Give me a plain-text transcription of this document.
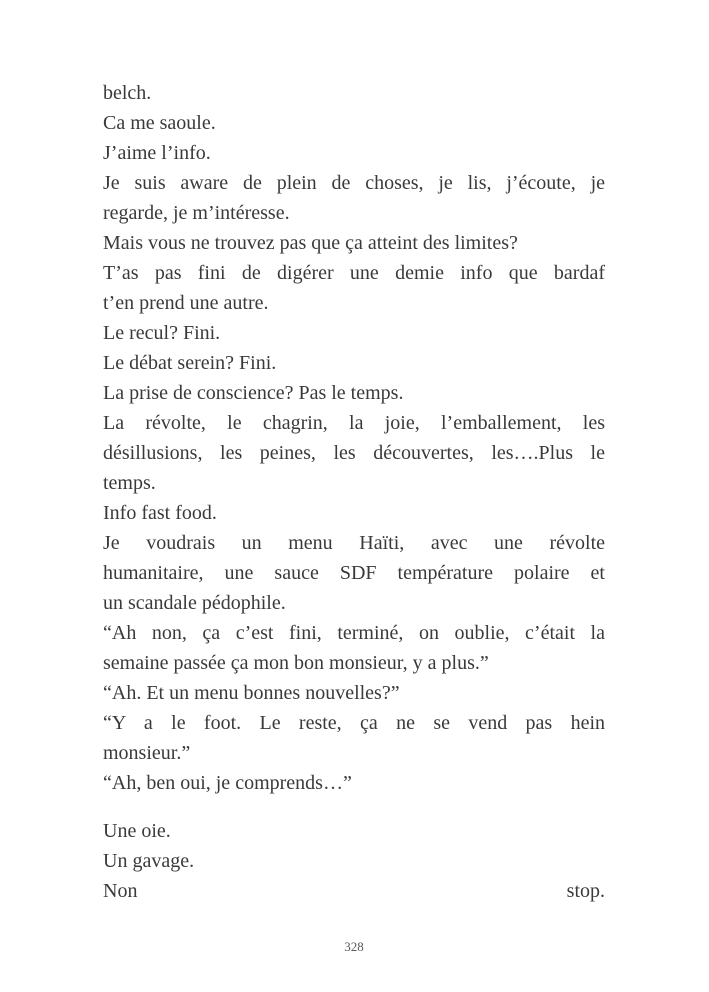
belch.

Ca me saoule.

J’aime l’info.

Je suis aware de plein de choses, je lis, j’écoute, je
regarde, je m’intéresse.

Mais vous ne trouvez pas que ça atteint des limites?

T’as pas fini de digérer une demie info que bardaf
t’en prend une autre.

Le recul? Fini.

Le débat serein? Fini.

La prise de conscience? Pas le temps.

La révolte, le chagrin, la joie, l’emballement, les
désillusions, les peines, les découvertes, les….Plus le
temps.

Info fast food.

Je voudrais un menu Haïti, avec une révolte
humanitaire, une sauce SDF température polaire et
un scandale pédophile.

“Ah non, ça c’est fini, terminé, on oublie, c’était la
semaine passée ça mon bon monsieur, y a plus.”

“Ah. Et un menu bonnes nouvelles?”

“Y a le foot. Le reste, ça ne se vend pas hein
monsieur.”

“Ah, ben oui, je comprends…”

Une oie.

Un gavage.

Non	stop.

328
